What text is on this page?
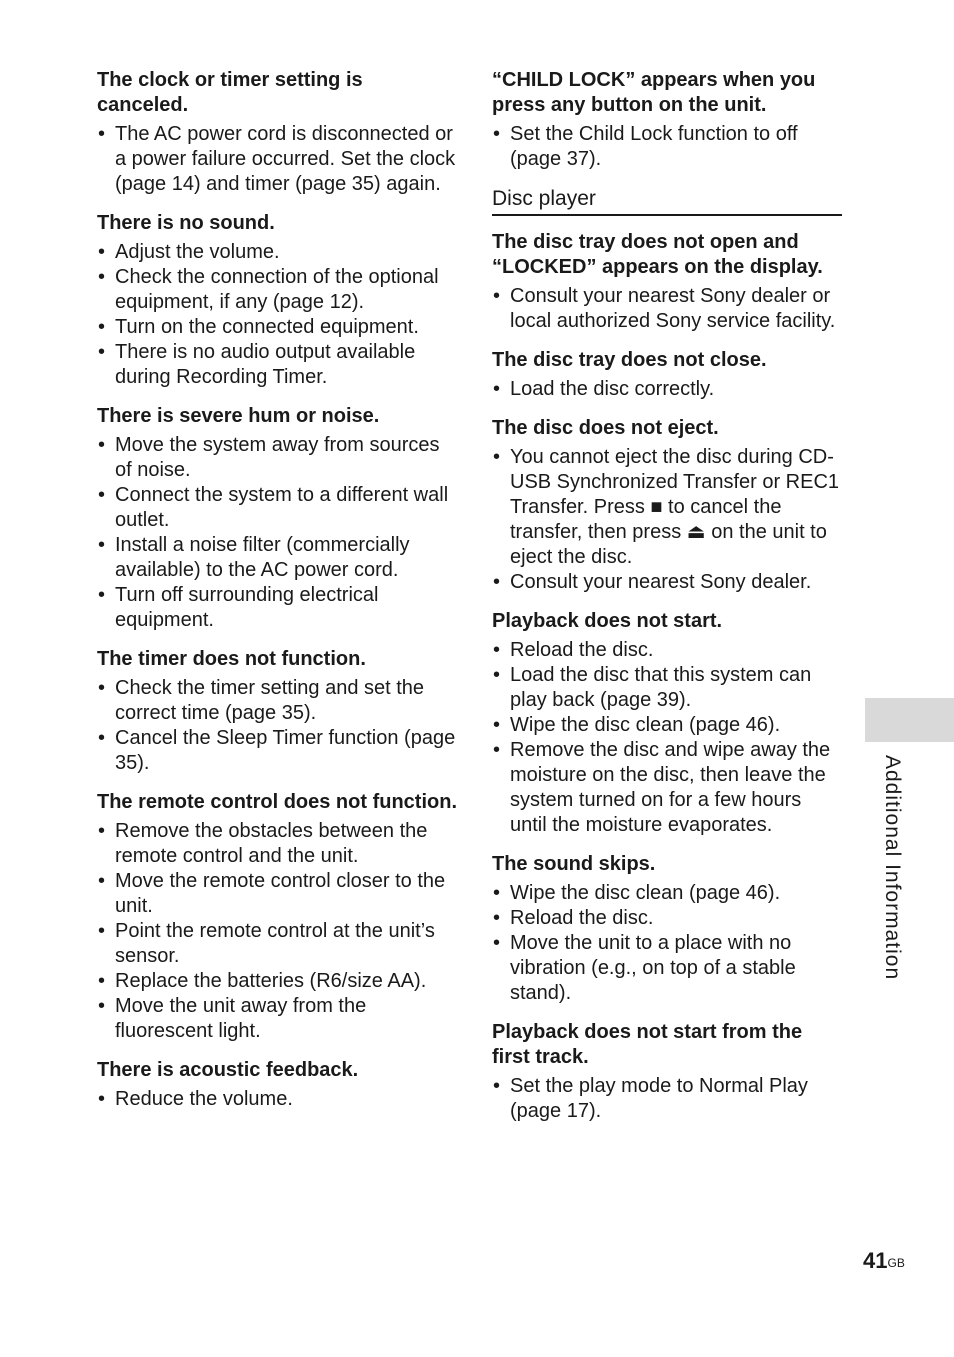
The clock or timer setting is canceled.
• The AC power cord is disconnected or a power failure occurred. Set the clock (page 14) and timer (page 35) again.
There is no sound.
• Adjust the volume.
• Check the connection of the optional equipment, if any (page 12).
• Turn on the connected equipment.
• There is no audio output available during Recording Timer.
There is severe hum or noise.
• Move the system away from sources of noise.
• Connect the system to a different wall outlet.
• Install a noise filter (commercially available) to the AC power cord.
• Turn off surrounding electrical equipment.
The timer does not function.
• Check the timer setting and set the correct time (page 35).
• Cancel the Sleep Timer function (page 35).
The remote control does not function.
• Remove the obstacles between the remote control and the unit.
• Move the remote control closer to the unit.
• Point the remote control at the unit’s sensor.
• Replace the batteries (R6/size AA).
• Move the unit away from the fluorescent light.
There is acoustic feedback.
• Reduce the volume.
“CHILD LOCK” appears when you press any button on the unit.
• Set the Child Lock function to off (page 37).
Disc player
The disc tray does not open and “LOCKED” appears on the display.
• Consult your nearest Sony dealer or local authorized Sony service facility.
The disc tray does not close.
• Load the disc correctly.
The disc does not eject.
• You cannot eject the disc during CD-USB Synchronized Transfer or REC1 Transfer. Press ■ to cancel the transfer, then press ⏏ on the unit to eject the disc.
• Consult your nearest Sony dealer.
Playback does not start.
• Reload the disc.
• Load the disc that this system can play back (page 39).
• Wipe the disc clean (page 46).
• Remove the disc and wipe away the moisture on the disc, then leave the system turned on for a few hours until the moisture evaporates.
The sound skips.
• Wipe the disc clean (page 46).
• Reload the disc.
• Move the unit to a place with no vibration (e.g., on top of a stable stand).
Playback does not start from the first track.
• Set the play mode to Normal Play (page 17).
Additional Information
$41^{GB}$
